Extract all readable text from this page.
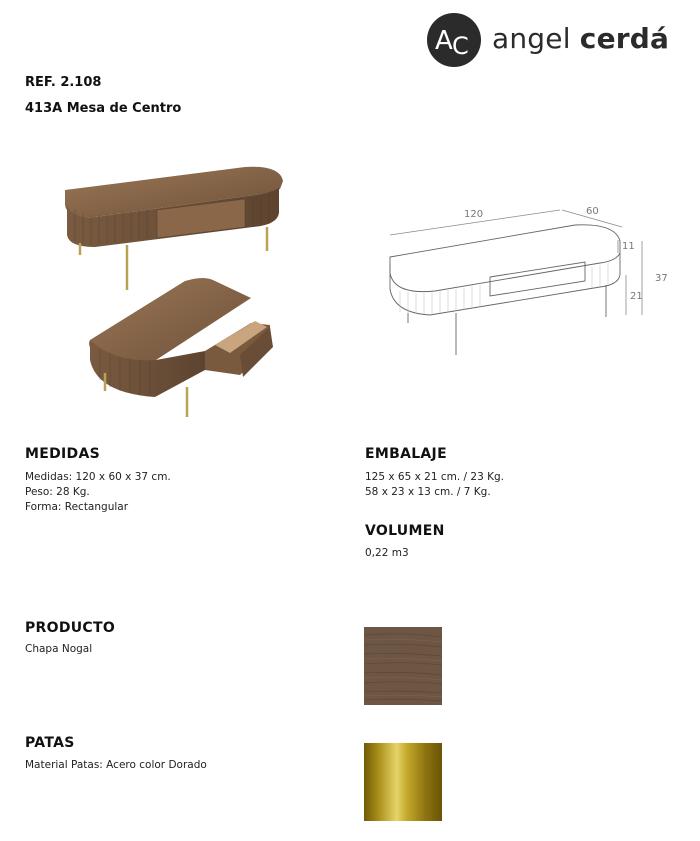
A C angel cerdá
REF. 2.108
413A Mesa de Centro
120	60
11
37
21
MEDIDAS
Medidas: 120 x 60 x 37 cm.
Peso: 28 Kg.
Forma: Rectangular
EMBALAJE
125 x 65 x 21 cm. / 23 Kg.
58 x 23 x 13 cm. / 7 Kg.
VOLUMEN
0,22 m3
PRODUCTO
Chapa Nogal
PATAS
Material Patas: Acero color Dorado
